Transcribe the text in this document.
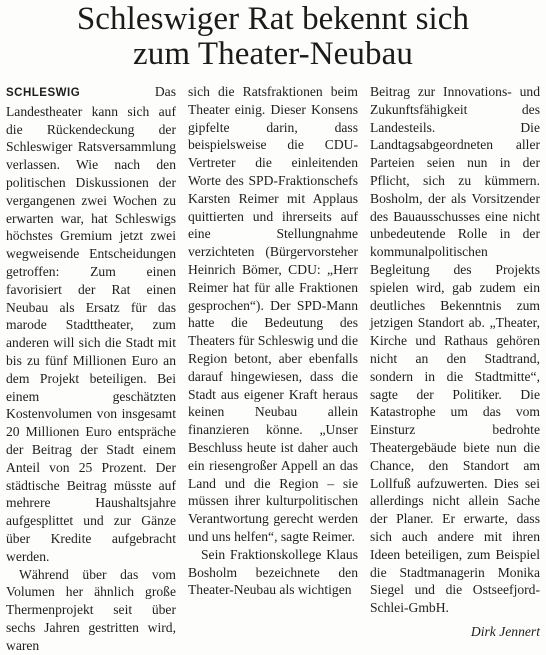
Schleswiger Rat bekennt sich
zum Theater-Neubau

SCHLESWIG	Das Landestheater kann sich auf die Rückendeckung der Schleswiger Ratsversammlung verlassen. Wie nach den politischen Diskussionen der vergangenen zwei Wochen zu erwarten war, hat Schleswigs höchstes Gremium jetzt zwei wegweisende Entscheidungen getroffen: Zum einen favorisiert der Rat einen Neubau als Ersatz für das marode Stadttheater, zum anderen will sich die Stadt mit bis zu fünf Millionen Euro an dem Projekt beteiligen. Bei einem geschätzten Kostenvolumen von insgesamt 20 Millionen Euro entspräche der Beitrag der Stadt einem Anteil von 25 Prozent. Der städtische Beitrag müsste auf mehrere Haushaltsjahre aufgesplittet und zur Gänze über Kredite aufgebracht werden.

Während über das vom Volumen her ähnlich große Thermenprojekt seit über sechs Jahren gestritten wird, waren

sich die Ratsfraktionen beim Theater einig. Dieser Konsens gipfelte darin, dass beispielsweise die CDU-Vertreter die einleitenden Worte des SPD-Fraktionschefs Karsten Reimer mit Applaus quittierten und ihrerseits auf eine Stellungnahme verzichteten (Bürgervorsteher Heinrich Bömer, CDU: „Herr Reimer hat für alle Fraktionen gesprochen“). Der SPD-Mann hatte die Bedeutung des Theaters für Schleswig und die Region betont, aber ebenfalls darauf hingewiesen, dass die Stadt aus eigener Kraft heraus keinen Neubau allein finanzieren könne. „Unser Beschluss heute ist daher auch ein riesengroßer Appell an das Land und die Region – sie müssen ihrer kulturpolitischen Verantwortung gerecht werden und uns helfen“, sagte Reimer.

Sein Fraktionskollege Klaus Bosholm bezeichnete den Theater-Neubau als wichtigen

Beitrag zur Innovations- und Zukunftsfähigkeit des Landesteils. Die Landtagsabgeordneten aller Parteien seien nun in der Pflicht, sich zu kümmern. Bosholm, der als Vorsitzender des Bauausschusses eine nicht unbedeutende Rolle in der kommunalpolitischen Begleitung des Projekts spielen wird, gab zudem ein deutliches Bekenntnis zum jetzigen Standort ab. „Theater, Kirche und Rathaus gehören nicht an den Stadtrand, sondern in die Stadtmitte“, sagte der Politiker. Die Katastrophe um das vom Einsturz bedrohte Theatergebäude biete nun die Chance, den Standort am Lollfuß aufzuwerten. Dies sei allerdings nicht allein Sache der Planer. Er erwarte, dass sich auch andere mit ihren Ideen beteiligen, zum Beispiel die Stadtmanagerin Monika Siegel und die Ostseefjord-Schlei-GmbH.

Dirk Jennert
